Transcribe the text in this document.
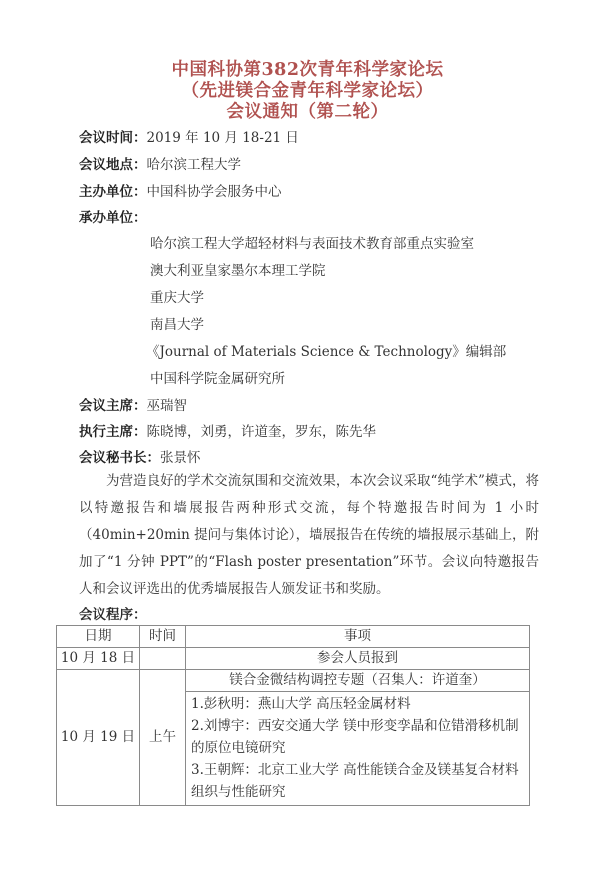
中国科协第382次青年科学家论坛
（先进镁合金青年科学家论坛）
会议通知（第二轮）
会议时间：2019 年 10 月 18-21 日
会议地点：哈尔滨工程大学
主办单位：中国科协学会服务中心
承办单位：
哈尔滨工程大学超轻材料与表面技术教育部重点实验室
澳大利亚皇家墨尔本理工学院
重庆大学
南昌大学
《Journal of Materials Science & Technology》编辑部
中国科学院金属研究所
会议主席：巫瑞智
执行主席：陈晓博，刘勇，许道奎，罗东，陈先华
会议秘书长：张景怀

为营造良好的学术交流氛围和交流效果，本次会议采取“纯学术”模式，将以特邀报告和墙展报告两种形式交流，每个特邀报告时间为 1 小时（40min+20min 提问与集体讨论），墙展报告在传统的墙报展示基础上，附加了“1 分钟 PPT”的“Flash poster presentation”环节。会议向特邀报告人和会议评选出的优秀墙展报告人颁发证书和奖励。

会议程序：
日期	时间	事项
10 月 18 日		参会人员报到
10 月 19 日	上午	镁合金微结构调控专题（召集人：许道奎）

		1.彭秋明：燕山大学 高压轻金属材料
2.刘博宇：西安交通大学 镁中形变孪晶和位错滑移机制的原位电镜研究
3.王朝辉：北京工业大学 高性能镁合金及镁基复合材料组织与性能研究
